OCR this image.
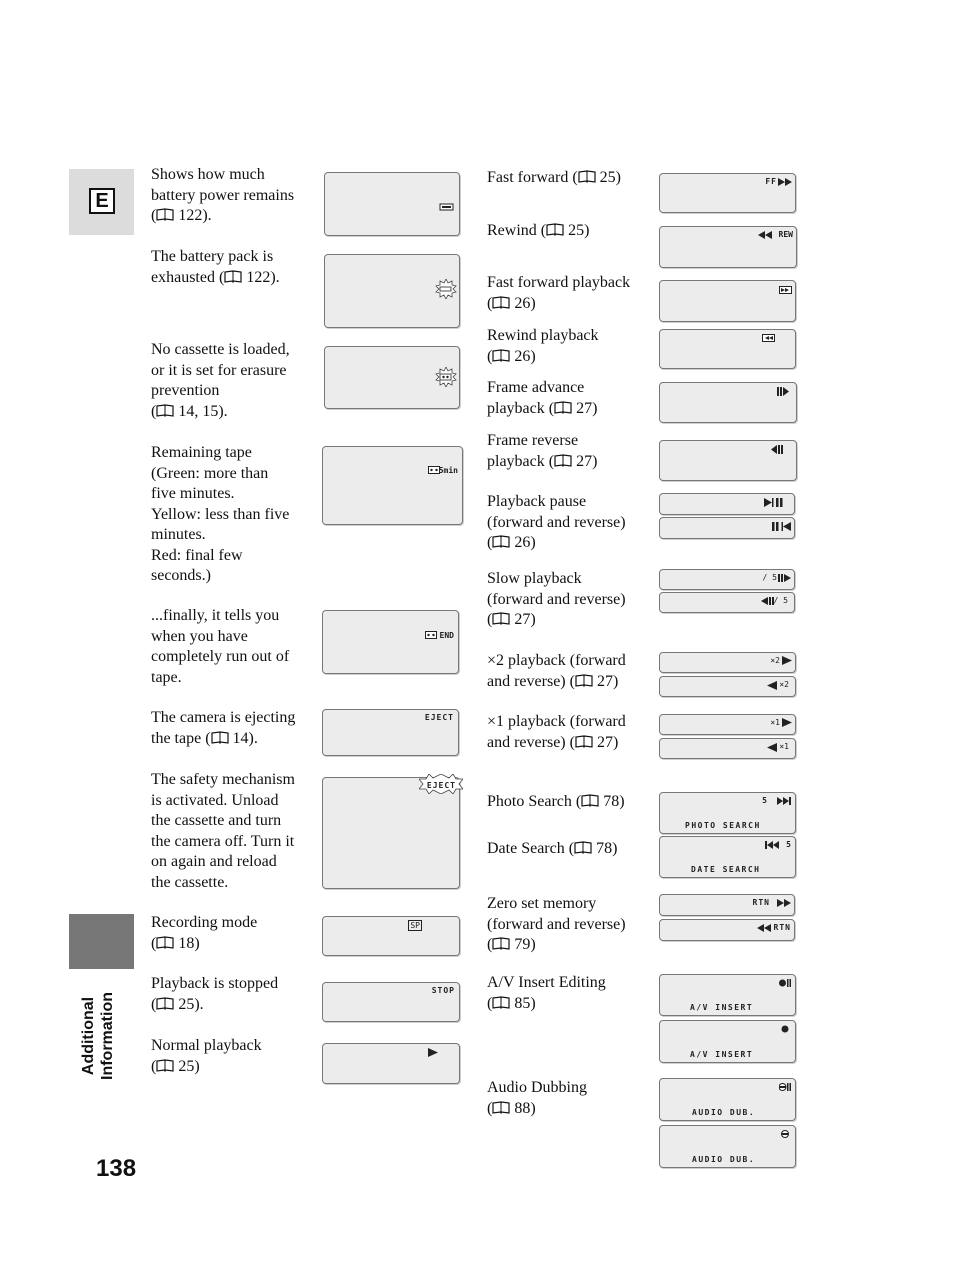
E
Additional Information
138
Shows how much
battery power remains
( 122).
The battery pack is
exhausted ( 122).
No cassette is loaded,
or it is set for erasure
prevention
( 14, 15).
Remaining tape
(Green: more than
five minutes.
Yellow: less than five
minutes.
Red: final few
seconds.)
...finally, it tells you
when you have
completely run out of
tape.
The camera is ejecting
the tape ( 14).
The safety mechanism
is activated. Unload
the cassette and turn
the camera off. Turn it
on again and reload
the cassette.
Recording mode
( 18)
Playback is stopped
( 25).
Normal playback
( 25)
5min
END
EJECT
EJECT
SP
STOP
Fast forward ( 25)
Rewind ( 25)
Fast forward playback
( 26)
Rewind playback
( 26)
Frame advance
playback ( 27)
Frame reverse
playback ( 27)
Playback pause
(forward and reverse)
( 26)
Slow playback
(forward and reverse)
( 27)
×2 playback (forward
and reverse) ( 27)
×1 playback (forward
and reverse) ( 27)
Photo Search ( 78)
Date Search ( 78)
Zero set memory
(forward and reverse)
( 79)
A/V Insert Editing
( 85)
Audio Dubbing
( 88)
FF
REW
/ 5
/ 5
×2
×2
×1
×1
5
PHOTO SEARCH
5
DATE SEARCH
RTN
RTN
A/V INSERT
A/V INSERT
AUDIO DUB.
AUDIO DUB.
